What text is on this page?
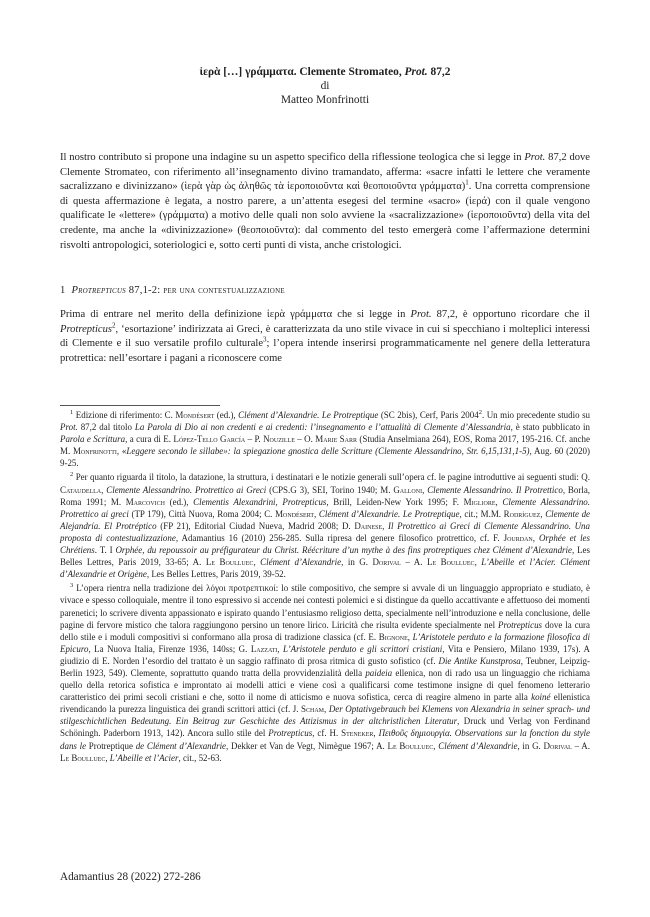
ἱερὰ […] γράμματα. Clemente Stromateo, Prot. 87,2
di
Matteo Monfrinotti
Il nostro contributo si propone una indagine su un aspetto specifico della riflessione teologica che si legge in Prot. 87,2 dove Clemente Stromateo, con riferimento all’insegnamento divino tramandato, afferma: «sacre infatti le lettere che veramente sacralizzano e divinizzano» (ἱερὰ γὰρ ὡς ἀληθῶς τὰ ἱεροποιοῦντα καὶ θεοποιοῦντα γράμματα)$^1$. Una corretta comprensione di questa affermazione è legata, a nostro parere, a un’attenta esegesi del termine «sacro» (ἱερά) con il quale vengono qualificate le «lettere» (γράμματα) a motivo delle quali non solo avviene la «sacralizzazione» (ἱεροποιοῦντα) della vita del credente, ma anche la «divinizzazione» (θεοποιοῦντα): dal commento del testo emergerà come l’affermazione determini risvolti antropologici, soteriologici e, sotto certi punti di vista, anche cristologici.
1 Protrepticus 87,1-2: per una contestualizzazione
Prima di entrare nel merito della definizione ἱερὰ γράμματα che si legge in Prot. 87,2, è opportuno ricordare che il Protrepticus$^2$, ‘esortazione’ indirizzata ai Greci, è caratterizzata da uno stile vivace in cui si specchiano i molteplici interessi di Clemente e il suo versatile profilo culturale$^3$; l’opera intende inserirsi programmaticamente nel genere della letteratura protrettica: nell’esortare i pagani a riconoscere come

$^1$ Edizione di riferimento: C. Mondésert (ed.), Clément d’Alexandrie. Le Protreptique (SC 2bis), Cerf, Paris 2004$^2$. Un mio precedente studio su Prot. 87,2 dal titolo La Parola di Dio ai non credenti e ai credenti: l’insegnamento e l’attualità di Clemente d’Alessandria, è stato pubblicato in Parola e Scrittura, a cura di E. López-Tello García – P. Nouzille – O. Marie Sarr (Studia Anselmiana 264), EOS, Roma 2017, 195-216. Cf. anche M. Monfrinotti, «Leggere secondo le sillabe»: la spiegazione gnostica delle Scritture (Clemente Alessandrino, Str. 6,15,131,1-5), Aug. 60 (2020) 9-25.

$^2$ Per quanto riguarda il titolo, la datazione, la struttura, i destinatari e le notizie generali sull’opera cf. le pagine introduttive ai seguenti studi: Q. Cataudella, Clemente Alessandrino. Protrettico ai Greci (CPS.G 3), SEI, Torino 1940; M. Galloni, Clemente Alessandrino. Il Protrettico, Borla, Roma 1991; M. Marcovich (ed.), Clementis Alexandrini, Protrepticus, Brill, Leiden-New York 1995; F. Migliore, Clemente Alessandrino. Protrettico ai greci (TP 179), Città Nuova, Roma 2004; C. Mondésert, Clément d’Alexandrie. Le Protreptique, cit.; M.M. Rodríguez, Clemente de Alejandría. El Protréptico (FP 21), Editorial Ciudad Nueva, Madrid 2008; D. Dainese, Il Protrettico ai Greci di Clemente Alessandrino. Una proposta di contestualizzazione, Adamantius 16 (2010) 256-285. Sulla ripresa del genere filosofico protrettico, cf. F. Jourdan, Orphée et les Chrétiens. T. I Orphée, du repoussoir au préfigurateur du Christ. Réécriture d’un mythe à des fins protreptiques chez Clément d’Alexandrie, Les Belles Lettres, Paris 2019, 33-65; A. Le Boulluec, Clément d’Alexandrie, in G. Dorival – A. Le Boulluec, L’Abeille et l’Acier. Clément d’Alexandrie et Origène, Les Belles Lettres, Paris 2019, 39-52.

$^3$ L’opera rientra nella tradizione dei λόγοι προτρεπτικοί: lo stile compositivo, che sempre si avvale di un linguaggio appropriato e studiato, è vivace e spesso colloquiale, mentre il tono espressivo si accende nei contesti polemici e si distingue da quello accattivante e affettuoso dei momenti parenetici; lo scrivere diventa appassionato e ispirato quando l’entusiasmo religioso detta, specialmente nell’introduzione e nella conclusione, delle pagine di fervore mistico che talora raggiungono persino un tenore lirico. Liricità che risulta evidente specialmente nel Protrepticus dove la cura dello stile e i moduli compositivi si conformano alla prosa di tradizione classica (cf. E. Bignone, L’Aristotele perduto e la formazione filosofica di Epicuro, La Nuova Italia, Firenze 1936, 140ss; G. Lazzati, L’Aristotele perduto e gli scrittori cristiani, Vita e Pensiero, Milano 1939, 17s). A giudizio di E. Norden l’esordio del trattato è un saggio raffinato di prosa ritmica di gusto sofistico (cf. Die Antike Kunstprosa, Teubner, Leipzig-Berlin 1923, 549). Clemente, soprattutto quando tratta della provvidenzialità della paideia ellenica, non di rado usa un linguaggio che richiama quello della retorica sofistica e improntato ai modelli attici e viene così a qualificarsi come testimone insigne di quel fenomeno letterario caratteristico dei primi secoli cristiani e che, sotto il nome di atticismo e nuova sofistica, cerca di reagire almeno in parte alla koiné ellenistica rivendicando la purezza linguistica dei grandi scrittori attici (cf. J. Scham, Der Optativgebrauch bei Klemens von Alexandria in seiner sprach- und stilgeschichtlichen Bedeutung. Ein Beitrag zur Geschichte des Attizismus in der altchristlichen Literatur, Druck und Verlag von Ferdinand Schöningh. Paderborn 1913, 142). Ancora sullo stile del Protrepticus, cf. H. Steneker, Πειθοῦς δημιουργία. Observations sur la fonction du style dans le Protreptique de Clément d’Alexandrie, Dekker et Van de Vegt, Nimègue 1967; A. Le Boulluec, Clément d’Alexandrie, in G. Dorival – A. Le Boulluec, L’Abeille et l’Acier, cit., 52-63.

Adamantius 28 (2022) 272-286
